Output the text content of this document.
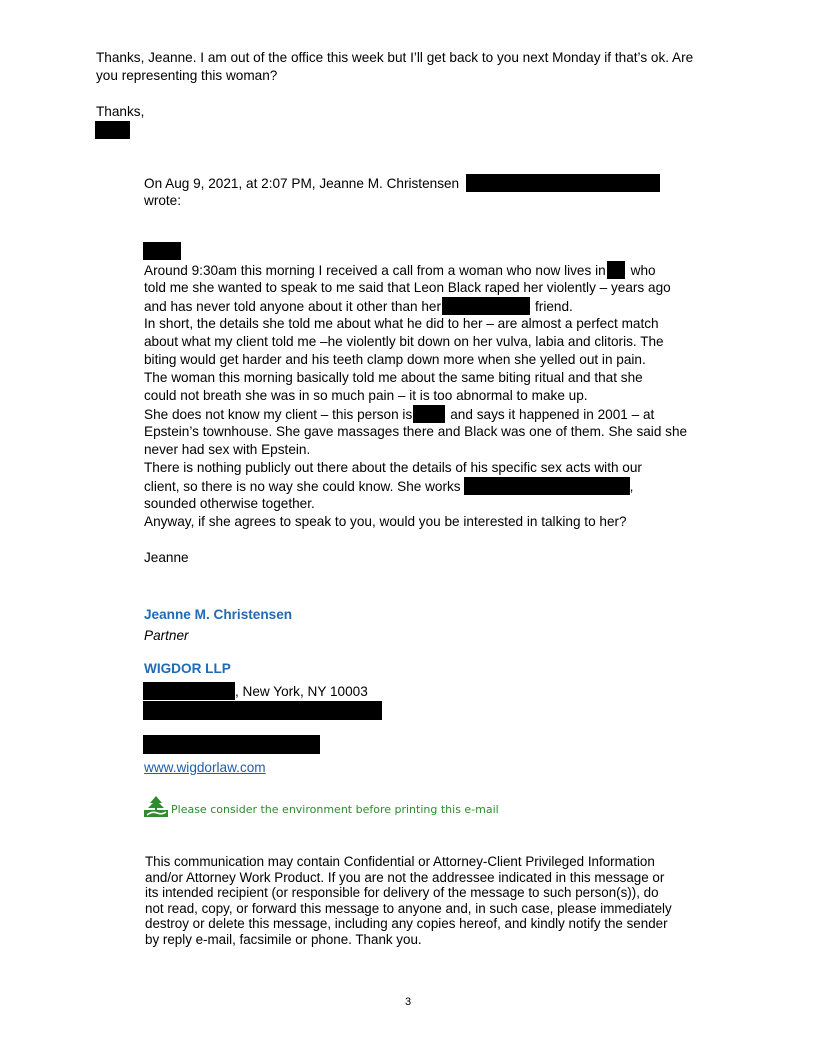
Thanks, Jeanne. I am out of the office this week but I’ll get back to you next Monday if that’s ok. Are
you representing this woman?
Thanks,
On Aug 9, 2021, at 2:07 PM, Jeanne M. Christensen
wrote:
Around 9:30am this morning I received a call from a woman who now lives in who
told me she wanted to speak to me said that Leon Black raped her violently – years ago
and has never told anyone about it other than her	friend.
In short, the details she told me about what he did to her – are almost a perfect match
about what my client told me –he violently bit down on her vulva, labia and clitoris. The
biting would get harder and his teeth clamp down more when she yelled out in pain.
The woman this morning basically told me about the same biting ritual and that she
could not breath she was in so much pain – it is too abnormal to make up.
She does not know my client – this person is	and says it happened in 2001 – at
Epstein’s townhouse. She gave massages there and Black was one of them. She said she
never had sex with Epstein.
There is nothing publicly out there about the details of his specific sex acts with our
client, so there is no way she could know. She works	,
sounded otherwise together.
Anyway, if she agrees to speak to you, would you be interested in talking to her?
Jeanne
Jeanne M. Christensen
Partner
WIGDOR LLP
, New York, NY 10003
www.wigdorlaw.com
Please consider the environment before printing this e-mail
This communication may contain Confidential or Attorney-Client Privileged Information
and/or Attorney Work Product. If you are not the addressee indicated in this message or
its intended recipient (or responsible for delivery of the message to such person(s)), do
not read, copy, or forward this message to anyone and, in such case, please immediately
destroy or delete this message, including any copies hereof, and kindly notify the sender
by reply e-mail, facsimile or phone. Thank you.
3
